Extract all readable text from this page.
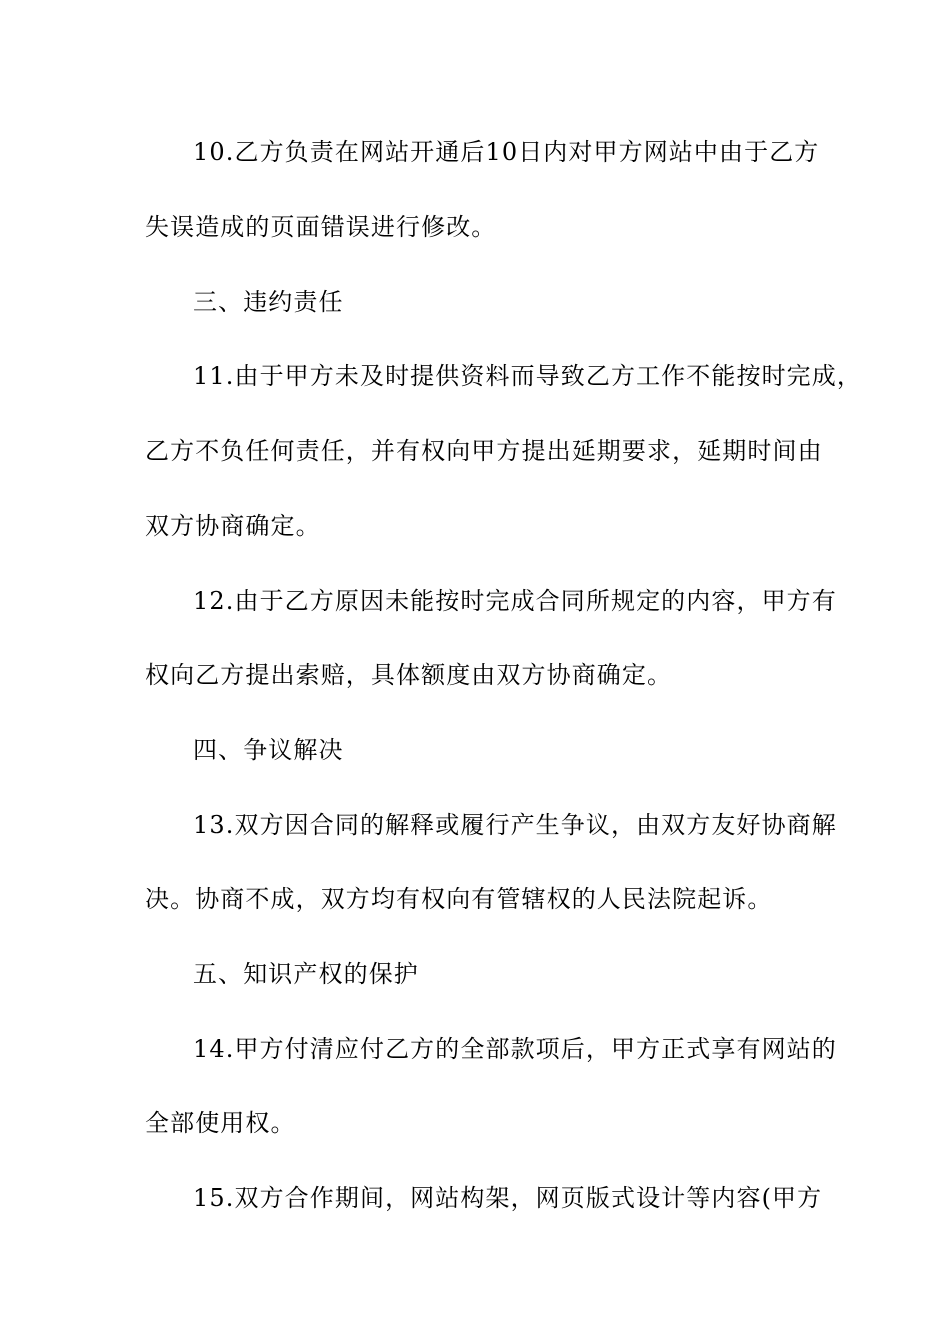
10.乙方负责在网站开通后10日内对甲方网站中由于乙方
失误造成的页面错误进行修改。
三、违约责任
11.由于甲方未及时提供资料而导致乙方工作不能按时完成，
乙方不负任何责任，并有权向甲方提出延期要求，延期时间由
双方协商确定。
12.由于乙方原因未能按时完成合同所规定的内容，甲方有
权向乙方提出索赔，具体额度由双方协商确定。
四、争议解决
13.双方因合同的解释或履行产生争议，由双方友好协商解
决。协商不成，双方均有权向有管辖权的人民法院起诉。
五、知识产权的保护
14.甲方付清应付乙方的全部款项后，甲方正式享有网站的
全部使用权。
15.双方合作期间，网站构架，网页版式设计等内容(甲方
